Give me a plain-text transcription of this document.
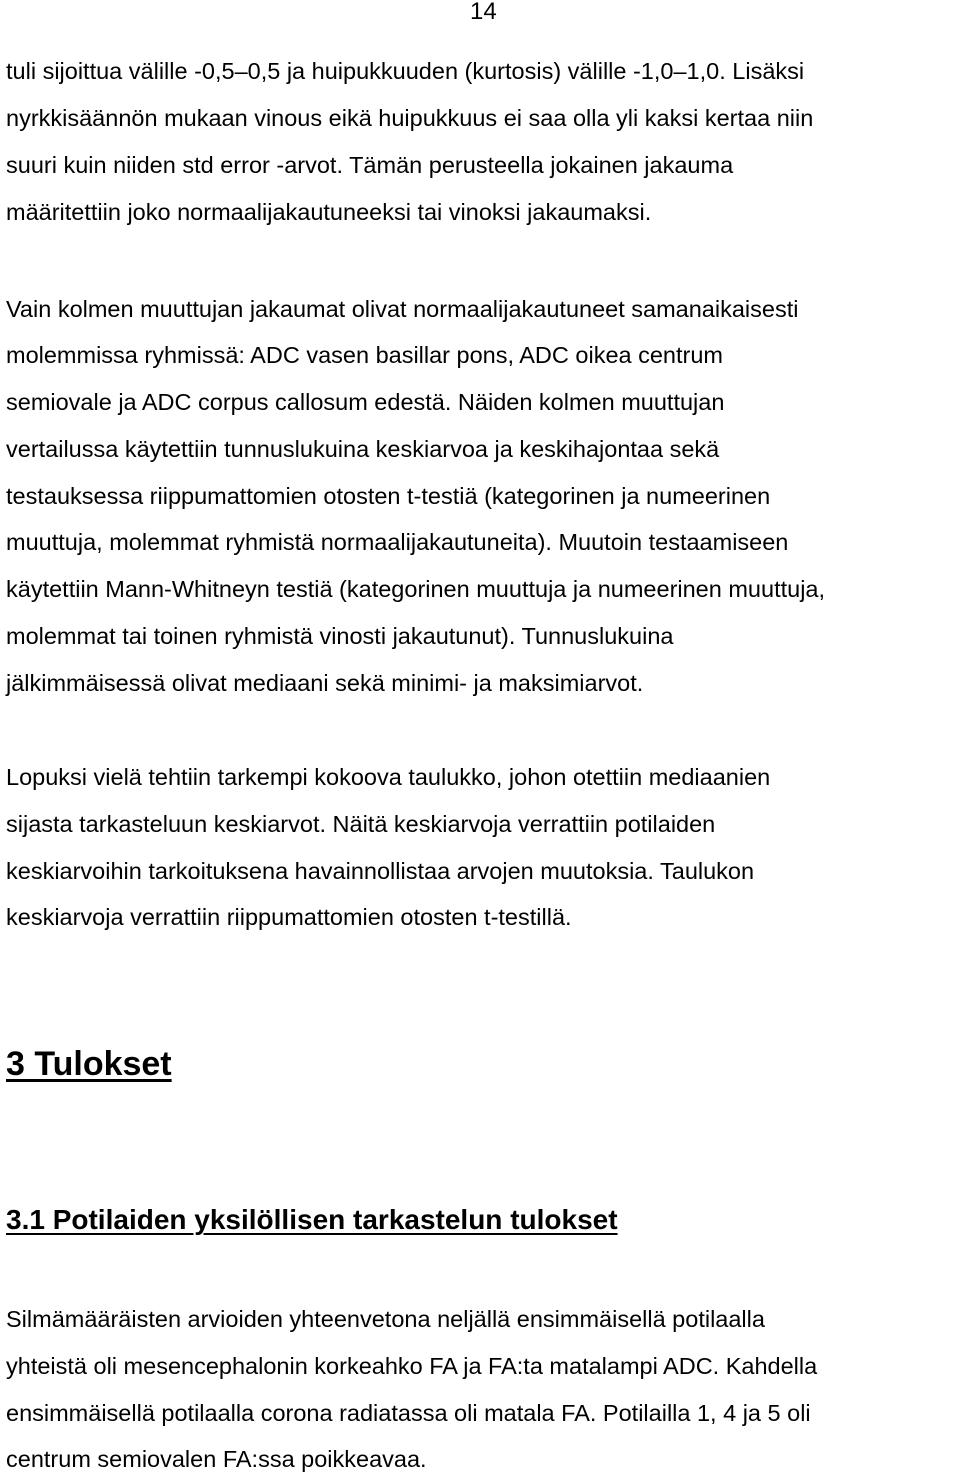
14
tuli sijoittua välille -0,5–0,5 ja huipukkuuden (kurtosis) välille -1,0–1,0. Lisäksi
nyrkkisäännön mukaan vinous eikä huipukkuus ei saa olla yli kaksi kertaa niin
suuri kuin niiden std error -arvot. Tämän perusteella jokainen jakauma
määritettiin joko normaalijakautuneeksi tai vinoksi jakaumaksi.
Vain kolmen muuttujan jakaumat olivat normaalijakautuneet samanaikaisesti
molemmissa ryhmissä: ADC vasen basillar pons, ADC oikea centrum
semiovale ja ADC corpus callosum edestä. Näiden kolmen muuttujan
vertailussa käytettiin tunnuslukuina keskiarvoa ja keskihajontaa sekä
testauksessa riippumattomien otosten t-testiä (kategorinen ja numeerinen
muuttuja, molemmat ryhmistä normaalijakautuneita). Muutoin testaamiseen
käytettiin Mann-Whitneyn testiä (kategorinen muuttuja ja numeerinen muuttuja,
molemmat tai toinen ryhmistä vinosti jakautunut). Tunnuslukuina
jälkimmäisessä olivat mediaani sekä minimi- ja maksimiarvot.
Lopuksi vielä tehtiin tarkempi kokoova taulukko, johon otettiin mediaanien
sijasta tarkasteluun keskiarvot. Näitä keskiarvoja verrattiin potilaiden
keskiarvoihin tarkoituksena havainnollistaa arvojen muutoksia. Taulukon
keskiarvoja verrattiin riippumattomien otosten t-testillä.
3 Tulokset
3.1 Potilaiden yksilöllisen tarkastelun tulokset
Silmämääräisten arvioiden yhteenvetona neljällä ensimmäisellä potilaalla
yhteistä oli mesencephalonin korkeahko FA ja FA:ta matalampi ADC. Kahdella
ensimmäisellä potilaalla corona radiatassa oli matala FA. Potilailla 1, 4 ja 5 oli
centrum semiovalen FA:ssa poikkeavaa.
